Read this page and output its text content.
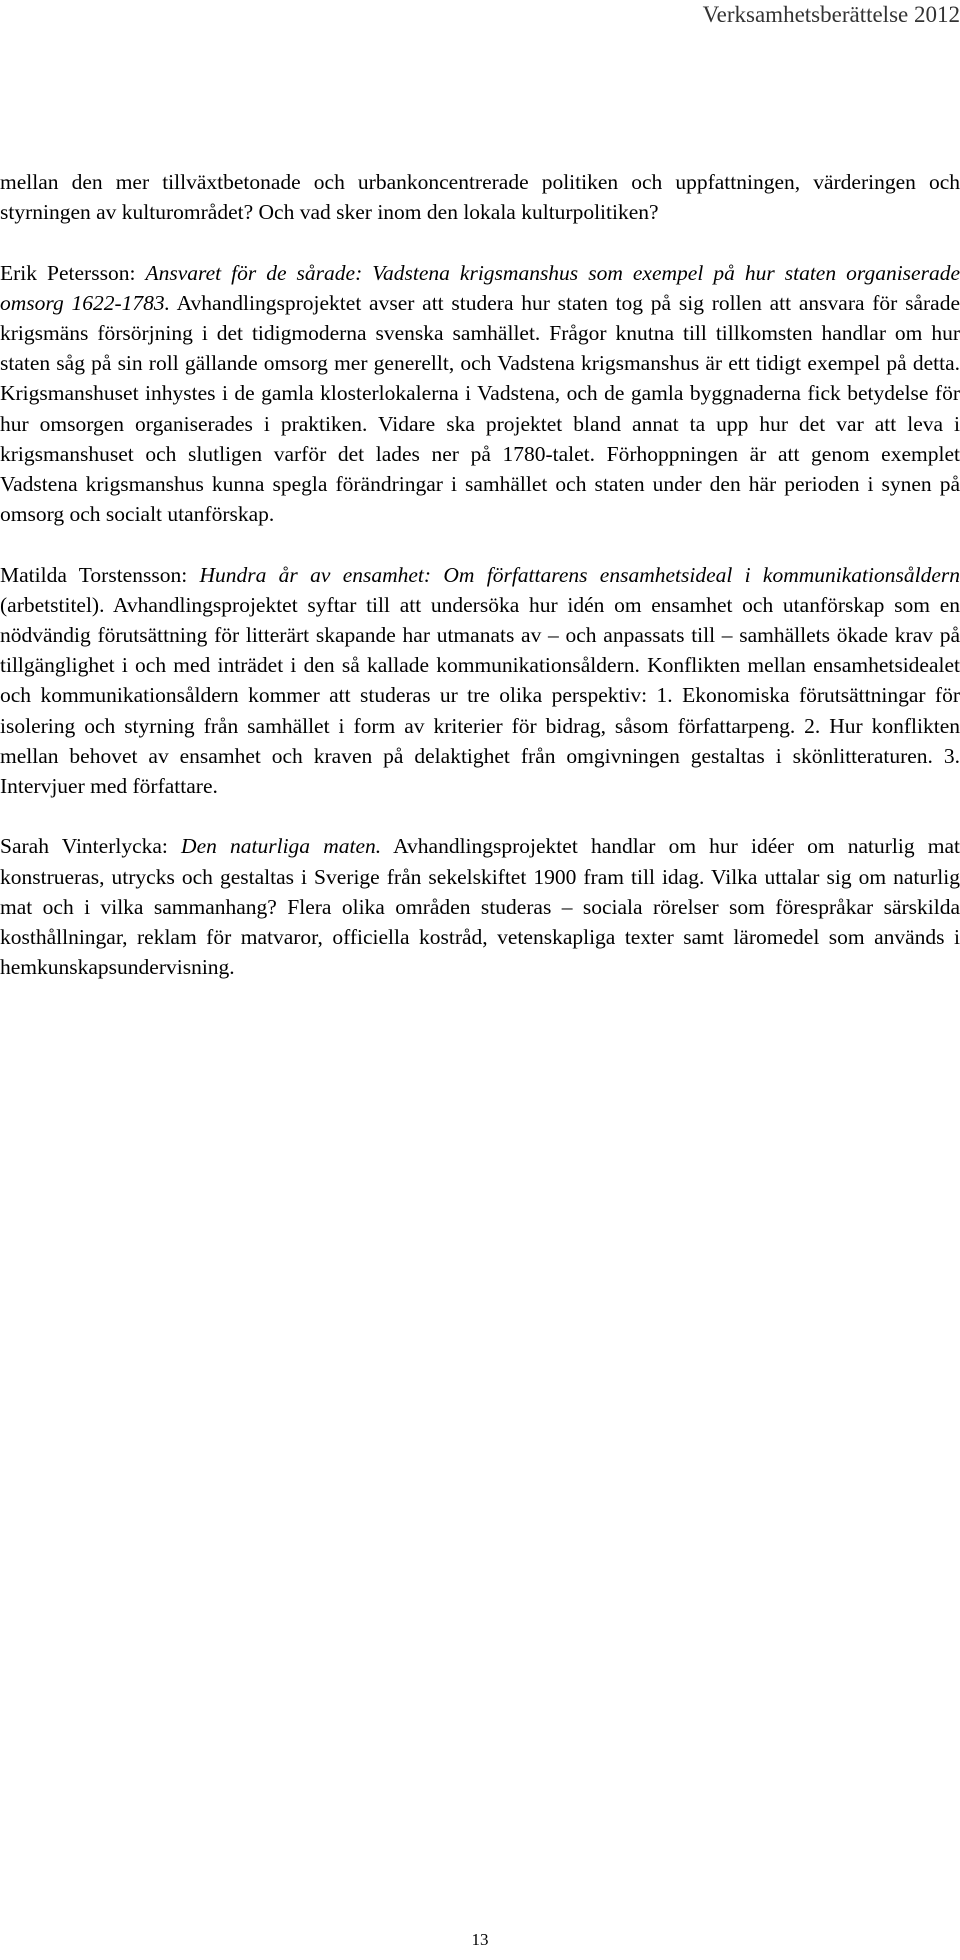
Verksamhetsberättelse 2012

mellan den mer tillväxtbetonade och urbankoncentrerade politiken och uppfattningen, värderingen och styrningen av kulturområdet? Och vad sker inom den lokala kulturpolitiken?

Erik Petersson: Ansvaret för de sårade: Vadstena krigsmanshus som exempel på hur staten organiserade omsorg 1622-1783. Avhandlingsprojektet avser att studera hur staten tog på sig rollen att ansvara för sårade krigsmäns försörjning i det tidigmoderna svenska samhället. Frågor knutna till tillkomsten handlar om hur staten såg på sin roll gällande omsorg mer generellt, och Vadstena krigsmanshus är ett tidigt exempel på detta. Krigsmanshuset inhystes i de gamla klosterlokalerna i Vadstena, och de gamla byggnaderna fick betydelse för hur omsorgen organiserades i praktiken. Vidare ska projektet bland annat ta upp hur det var att leva i krigsmanshuset och slutligen varför det lades ner på 1780-talet. Förhoppningen är att genom exemplet Vadstena krigsmanshus kunna spegla förändringar i samhället och staten under den här perioden i synen på omsorg och socialt utanförskap.

Matilda Torstensson: Hundra år av ensamhet: Om författarens ensamhetsideal i kommunikationsåldern (arbetstitel). Avhandlingsprojektet syftar till att undersöka hur idén om ensamhet och utanförskap som en nödvändig förutsättning för litterärt skapande har utmanats av – och anpassats till – samhällets ökade krav på tillgänglighet i och med inträdet i den så kallade kommunikationsåldern. Konflikten mellan ensamhetsidealet och kommunikationsåldern kommer att studeras ur tre olika perspektiv: 1. Ekonomiska förutsättningar för isolering och styrning från samhället i form av kriterier för bidrag, såsom författarpeng. 2. Hur konflikten mellan behovet av ensamhet och kraven på delaktighet från omgivningen gestaltas i skönlitteraturen. 3. Intervjuer med författare.

Sarah Vinterlycka: Den naturliga maten. Avhandlingsprojektet handlar om hur idéer om naturlig mat konstrueras, utrycks och gestaltas i Sverige från sekelskiftet 1900 fram till idag. Vilka uttalar sig om naturlig mat och i vilka sammanhang? Flera olika områden studeras – sociala rörelser som förespråkar särskilda kosthållningar, reklam för matvaror, officiella kostråd, vetenskapliga texter samt läromedel som används i hemkunskapsundervisning.

13
